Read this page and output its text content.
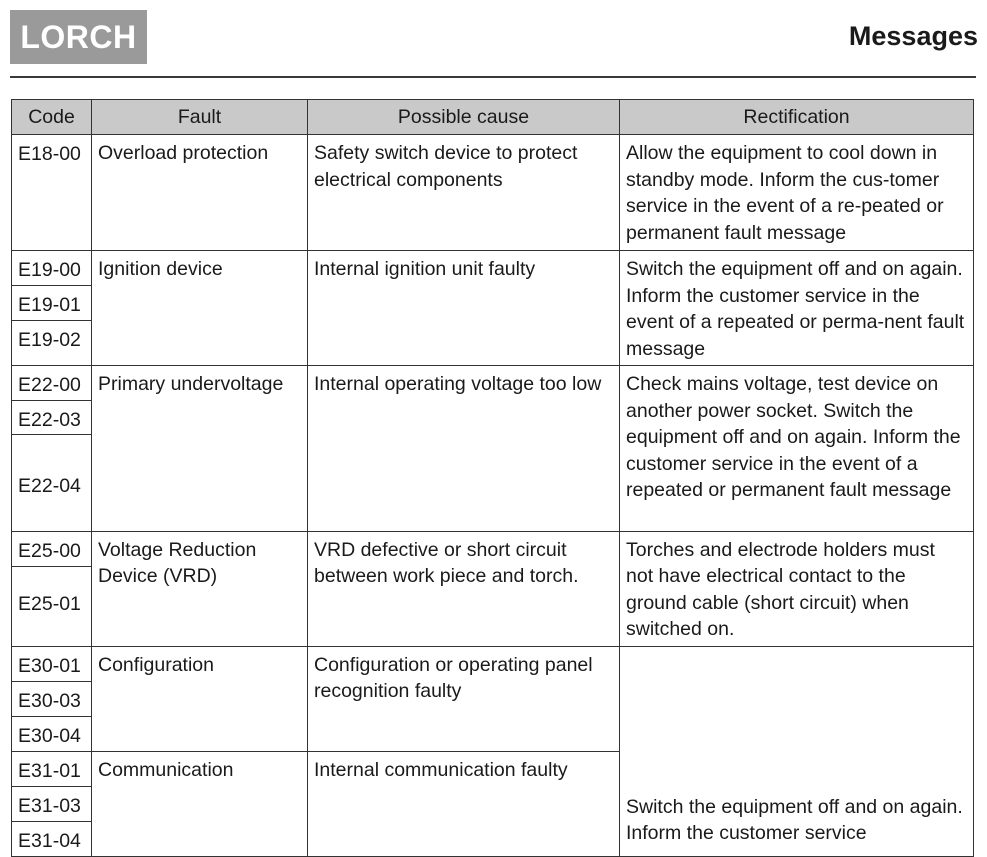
LORCH	Messages
Code	Fault	Possible cause	Rectification
E18-00	Overload protection	Safety switch device to protect electrical components	Allow the equipment to cool down in standby mode. Inform the cus-tomer service in the event of a re-peated or permanent fault message
E19-00	Ignition device	Internal ignition unit faulty	Switch the equipment off and on again. Inform the customer service in the event of a repeated or perma-nent fault message
E19-01			
E19-02			
E22-00	Primary undervoltage	Internal operating voltage too low	Check mains voltage, test device on another power socket. Switch the equipment off and on again. Inform the customer service in the event of a repeated or permanent fault message
E22-03			
E22-04			
E25-00	Voltage Reduction Device (VRD)	VRD defective or short circuit between work piece and torch.	Torches and electrode holders must not have electrical contact to the ground cable (short circuit) when switched on.
E25-01			
E30-01	Configuration	Configuration or operating panel recognition faulty	Switch the equipment off and on again. Inform the customer service
E30-03			
E30-04			
E31-01	Communication	Internal communication faulty	
E31-03			
E31-04			
